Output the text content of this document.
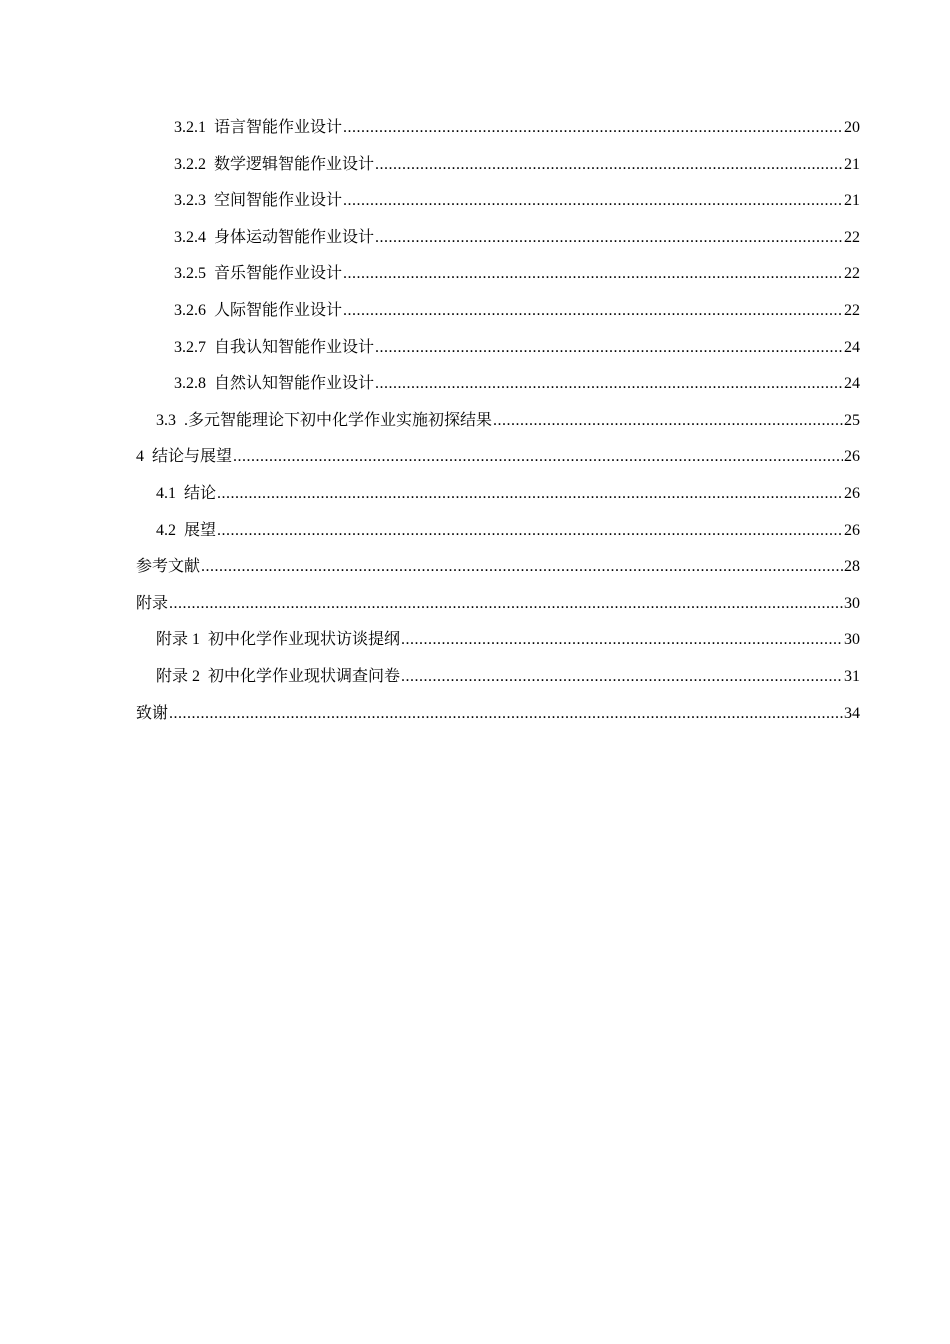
3.2.1 语言智能作业设计 .....	20
3.2.2 数学逻辑智能作业设计 .....	21
3.2.3 空间智能作业设计 .....	21
3.2.4 身体运动智能作业设计 .....	22
3.2.5 音乐智能作业设计 .....	22
3.2.6 人际智能作业设计 .....	22
3.2.7 自我认知智能作业设计 .....	24
3.2.8 自然认知智能作业设计 .....	24
3.3 .多元智能理论下初中化学作业实施初探结果 .....	25
4 结论与展望 .....	26
4.1 结论 .....	26
4.2 展望 .....	26
参考文献 .....	28
附录 .....	30
附录 1 初中化学作业现状访谈提纲 .....	30
附录 2 初中化学作业现状调查问卷 .....	31
致谢 .....	34
